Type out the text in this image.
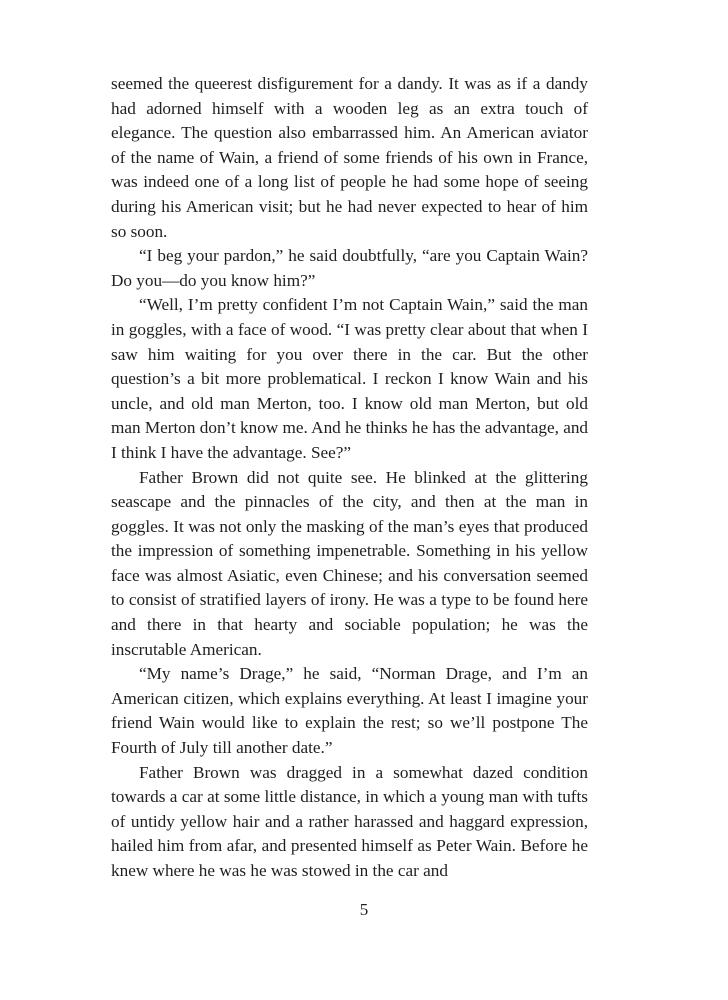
seemed the queerest disfigurement for a dandy. It was as if a dandy had adorned himself with a wooden leg as an extra touch of elegance. The question also embarrassed him. An American aviator of the name of Wain, a friend of some friends of his own in France, was indeed one of a long list of people he had some hope of seeing during his American visit; but he had never expected to hear of him so soon.

“I beg your pardon,” he said doubtfully, “are you Captain Wain? Do you—do you know him?”

“Well, I’m pretty confident I’m not Captain Wain,” said the man in goggles, with a face of wood. “I was pretty clear about that when I saw him waiting for you over there in the car. But the other question’s a bit more problematical. I reckon I know Wain and his uncle, and old man Merton, too. I know old man Merton, but old man Merton don’t know me. And he thinks he has the advantage, and I think I have the advantage. See?”

Father Brown did not quite see. He blinked at the glittering seascape and the pinnacles of the city, and then at the man in goggles. It was not only the masking of the man’s eyes that produced the impression of something impenetrable. Something in his yellow face was almost Asiatic, even Chinese; and his conversation seemed to consist of stratified layers of irony. He was a type to be found here and there in that hearty and sociable population; he was the inscrutable American.

“My name’s Drage,” he said, “Norman Drage, and I’m an American citizen, which explains everything. At least I imagine your friend Wain would like to explain the rest; so we’ll postpone The Fourth of July till another date.”

Father Brown was dragged in a somewhat dazed condition towards a car at some little distance, in which a young man with tufts of untidy yellow hair and a rather harassed and haggard expression, hailed him from afar, and presented himself as Peter Wain. Before he knew where he was he was stowed in the car and

5
